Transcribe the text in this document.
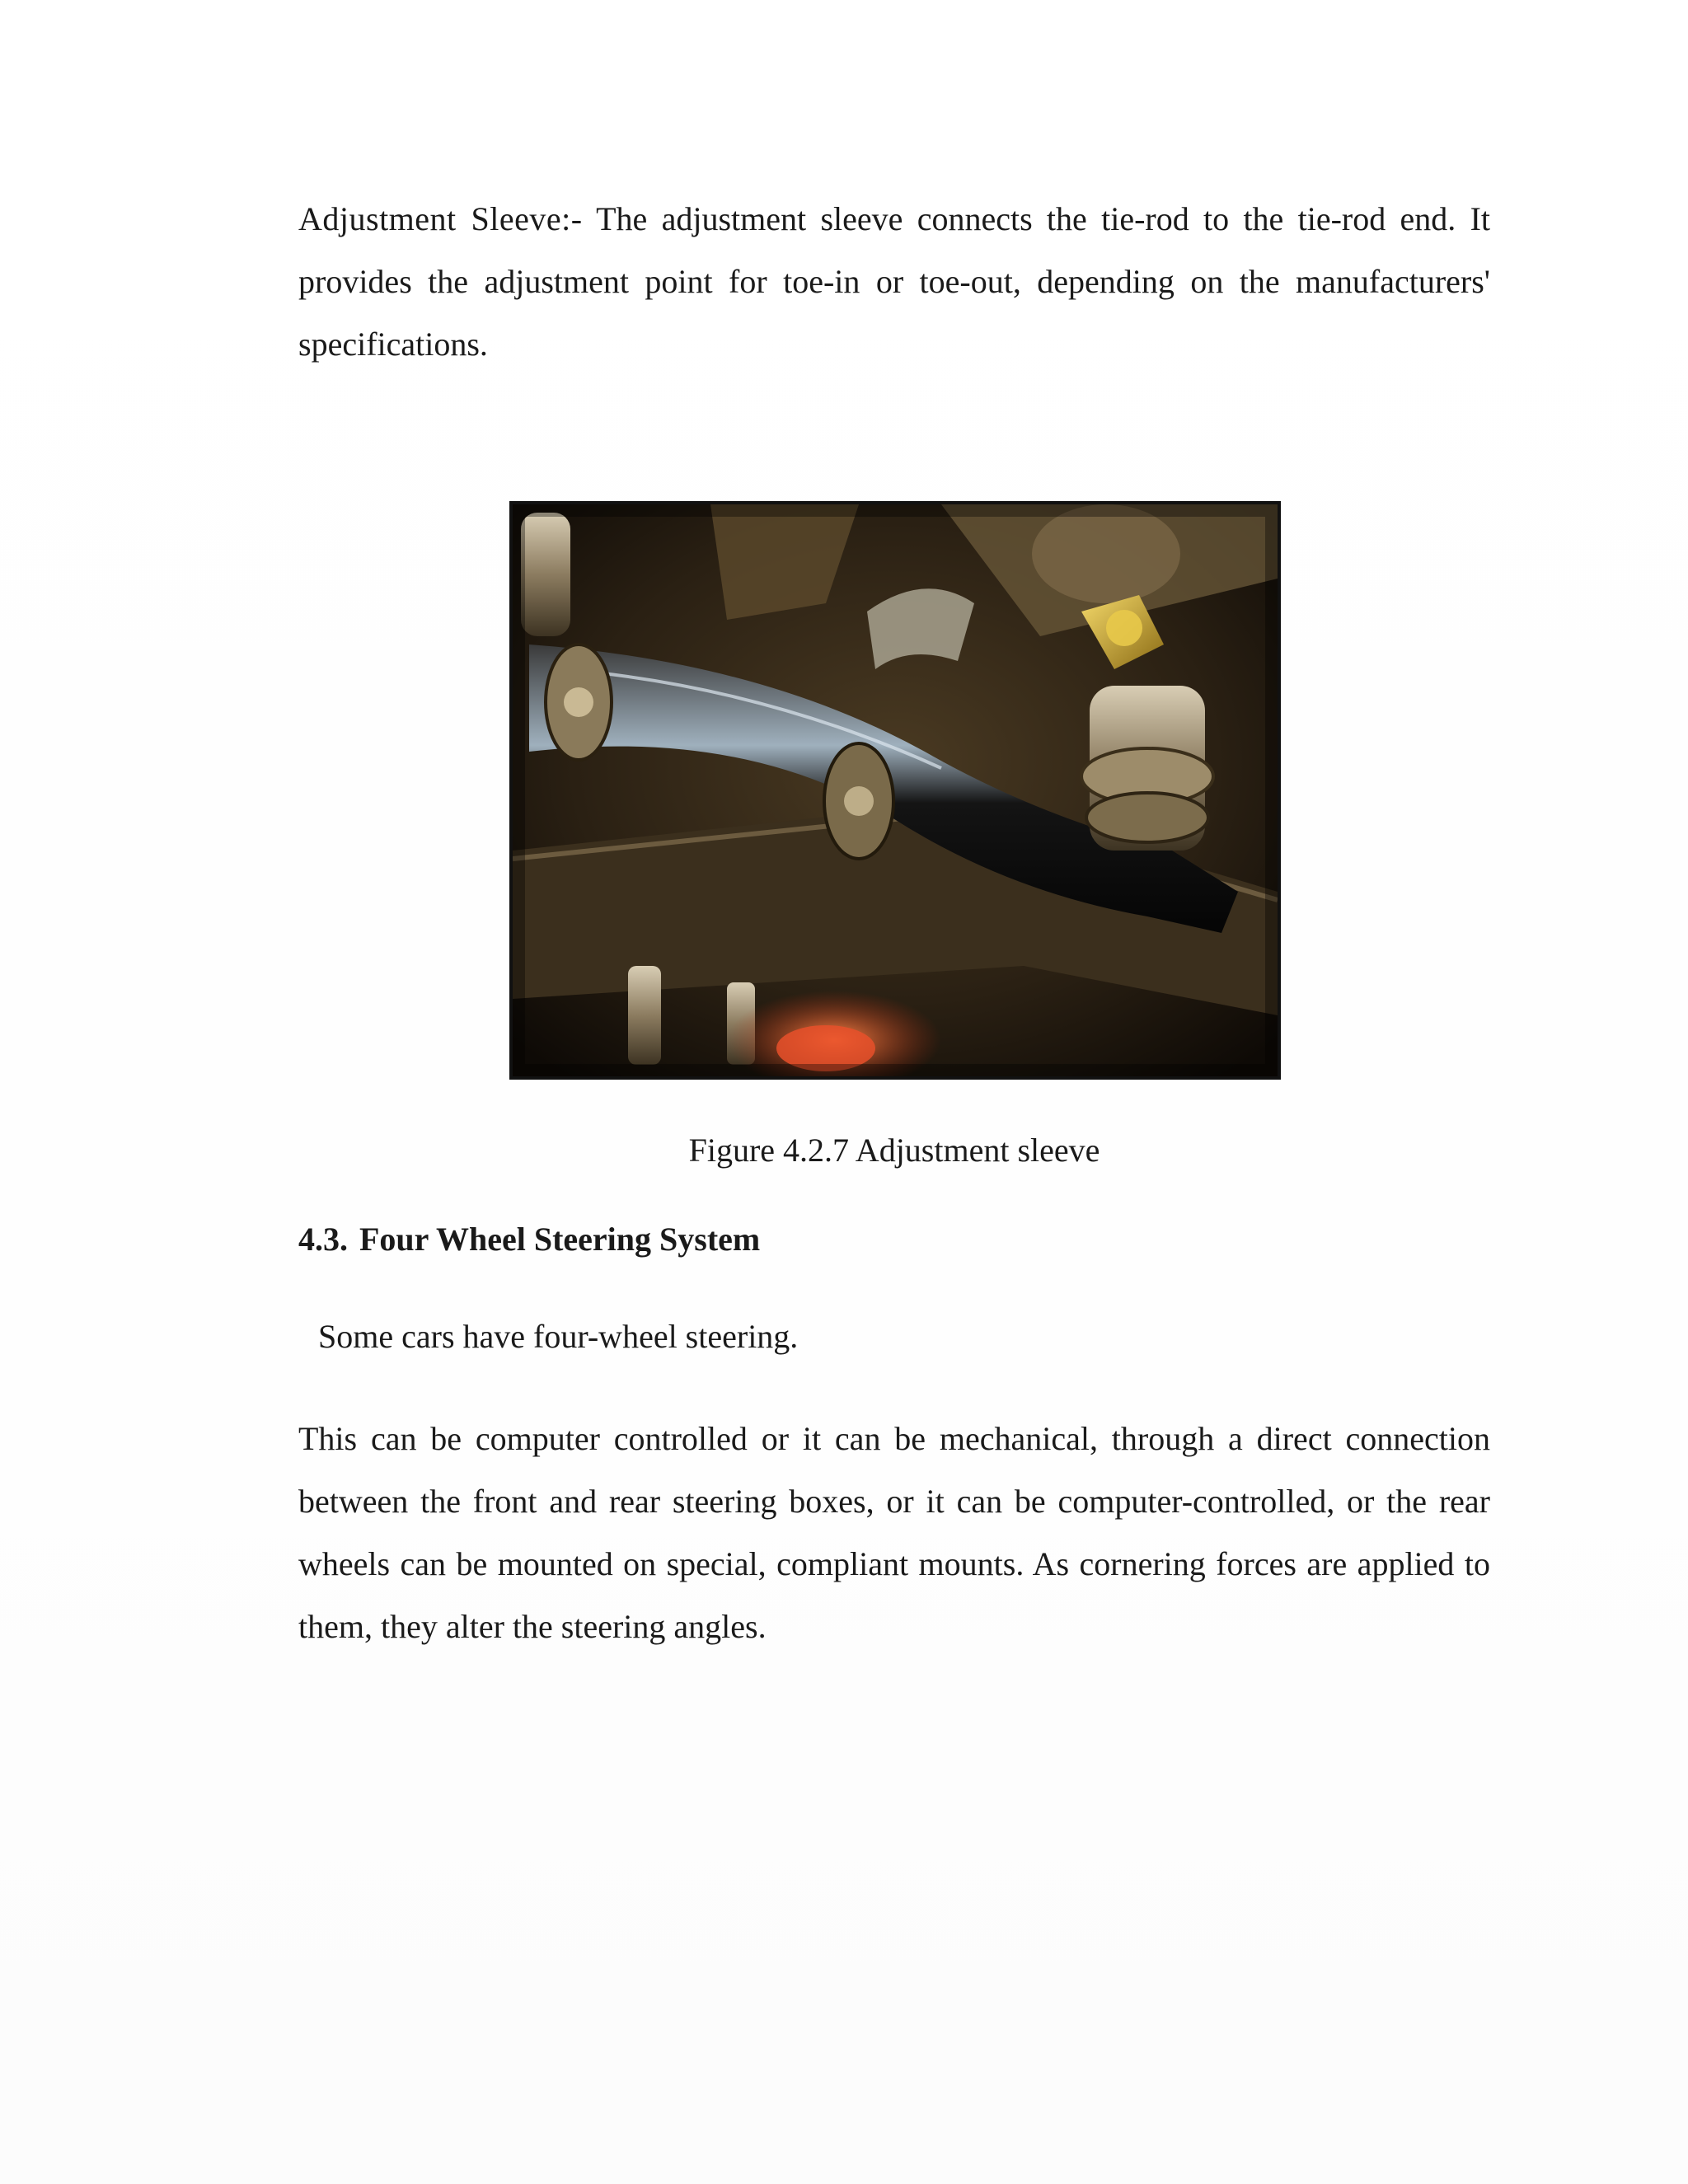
Adjustment Sleeve:- The adjustment sleeve connects the tie-rod to the tie-rod end. It provides the adjustment point for toe-in or toe-out, depending on the manufacturers' specifications.

Figure 4.2.7 Adjustment sleeve

4.3. Four Wheel Steering System

Some cars have four-wheel steering.

This can be computer controlled or it can be mechanical, through a direct connection between the front and rear steering boxes, or it can be computer-controlled, or the rear wheels can be mounted on special, compliant mounts. As cornering forces are applied to them, they alter the steering angles.
